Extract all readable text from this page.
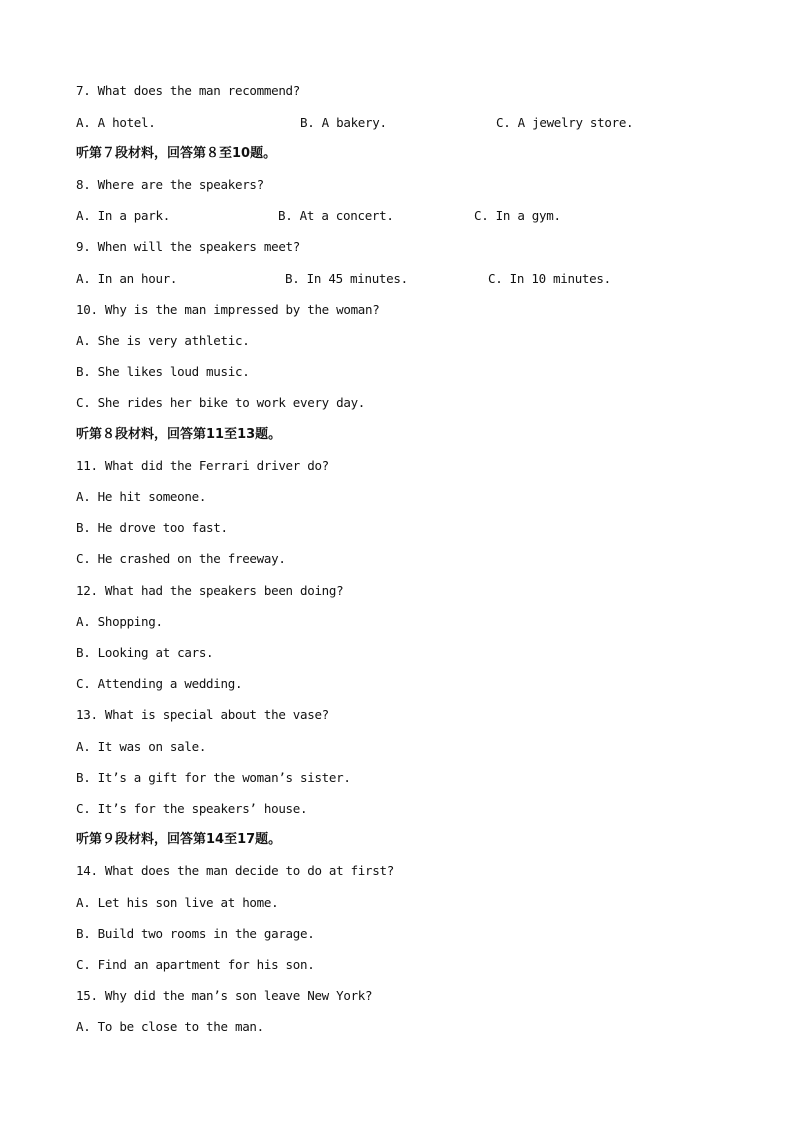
7. What does the man recommend?

A. A hotel.

	B. A bakery.

	C. A jewelry store.

听第７段材料，回答第８至10题。
8. Where are the speakers?

A. In a park.

	B. At a concert.

	C. In a gym.

9. When will the speakers meet?

A. In an hour.

	B. In 45 minutes.

	C. In 10 minutes.

10. Why is the man impressed by the woman?
A. She is very athletic.
B. She likes loud music.
C. She rides her bike to work every day.
听第８段材料，回答第11至13题。
11. What did the Ferrari driver do?
A. He hit someone.
B. He drove too fast.
C. He crashed on the freeway.
12. What had the speakers been doing?
A. Shopping.
B. Looking at cars.
C. Attending a wedding.
13. What is special about the vase?
A. It was on sale.
B. It’s a gift for the woman’s sister.
C. It’s for the speakers’ house.
听第９段材料，回答第14至17题。
14. What does the man decide to do at first?
A. Let his son live at home.
B. Build two rooms in the garage.
C. Find an apartment for his son.
15. Why did the man’s son leave New York?
A. To be close to the man.
